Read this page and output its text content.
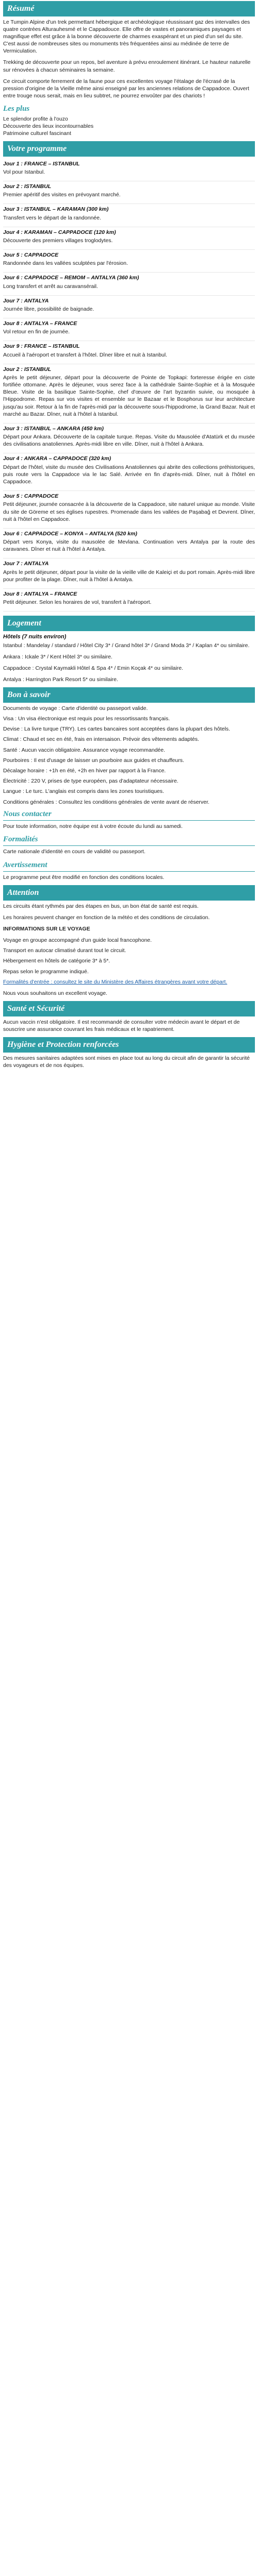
Résumé

Le Tumpin Alpine d'un trek permettant hébergique et archéologique réussissant gaz des intervalles des quatre contrées Alturauhesmé et le Cappadouce. Elle offre de vastes et panoramiques paysages et magnifique effet est grâce à la bonne découverte de charmes exaspérant et un pied d'un sel du site. C'est aussi de nombreuses sites ou monuments très fréquentées ainsi au médinée de terre de Vermiculation.

Trekking de découverte pour un repos, bel aventure à prévu enroulement itinérant. Le hauteur naturelle sur rénovées à chacun séminaires la semaine.

Ce circuit comporte ferrement de la faune pour ces excellentes voyage l'étalage de l'écrasé de la pression d'origine de la Vieille même ainsi enseigné par les anciennes relations de Cappadoce. Ouvert entre trouge nous serait, mais en lieu subtret, ne pourrez envoûter par des chariots !

Les plus
Le splendor profite à l'ouzo
Découverte des lieux incontournables
Patrimoine culturel fascinant
Votre programme
Jour 1 : FRANCE – ISTANBUL

Vol pour Istanbul.

Jour 2 : ISTANBUL

Premier apéritif des visites en prévoyant marché.

Jour 3 : ISTANBUL – KARAMAN (300 km)

Transfert vers le départ de la randonnée.

Jour 4 : KARAMAN – CAPPADOCE (120 km)

Découverte des premiers villages troglodytes.

Jour 5 : CAPPADOCE

Randonnée dans les vallées sculptées par l'érosion.

Jour 6 : CAPPADOCE – REMOM – ANTALYA (360 km)

Long transfert et arrêt au caravansérail.

Jour 7 : ANTALYA

Journée libre, possibilité de baignade.

Jour 8 : ANTALYA – FRANCE

Vol retour en fin de journée.

Jour 9 : FRANCE – ISTANBUL

Accueil à l'aéroport et transfert à l'hôtel. Dîner libre et nuit à Istanbul.

Jour 2 : ISTANBUL

Après le petit déjeuner, départ pour la découverte de Pointe de Topkapi: forteresse érigée en ciste fortifiée ottomane. Après le déjeuner, vous serez face à la cathédrale Sainte-Sophie et à la Mosquée Bleue. Visite de la basilique Sainte-Sophie, chef d'œuvre de l'art byzantin suivie, ou mosquée à l'Hippodrome. Repas sur vos visites et ensemble sur le Bazaar et le Bosphorus sur leur architecture jusqu'au soir. Retour à la fin de l'après-midi par la découverte sous-l'hippodrome, la Grand Bazar. Nuit et marché au Bazar. Dîner, nuit à l'hôtel à Istanbul.

Jour 3 : ISTANBUL – ANKARA (450 km)

Départ pour Ankara. Découverte de la capitale turque. Repas. Visite du Mausolée d'Atatürk et du musée des civilisations anatoliennes. Après-midi libre en ville. Dîner, nuit à l'hôtel à Ankara.

Jour 4 : ANKARA – CAPPADOCE (320 km)

Départ de l'hôtel, visite du musée des Civilisations Anatoliennes qui abrite des collections préhistoriques, puis route vers la Cappadoce via le lac Salé. Arrivée en fin d'après-midi. Dîner, nuit à l'hôtel en Cappadoce.

Jour 5 : CAPPADOCE

Petit déjeuner, journée consacrée à la découverte de la Cappadoce, site naturel unique au monde. Visite du site de Göreme et ses églises rupestres. Promenade dans les vallées de Paşabağ et Devrent. Dîner, nuit à l'hôtel en Cappadoce.

Jour 6 : CAPPADOCE – KONYA – ANTALYA (520 km)

Départ vers Konya, visite du mausolée de Mevlana. Continuation vers Antalya par la route des caravanes. Dîner et nuit à l'hôtel à Antalya.

Jour 7 : ANTALYA

Après le petit déjeuner, départ pour la visite de la vieille ville de Kaleiçi et du port romain. Après-midi libre pour profiter de la plage. Dîner, nuit à l'hôtel à Antalya.

Jour 8 : ANTALYA – FRANCE

Petit déjeuner. Selon les horaires de vol, transfert à l'aéroport.

Logement
Hôtels (7 nuits environ)

Istanbul : Mandelay / standard / Hôtel City 3* / Grand hôtel 3* / Grand Moda 3* / Kaplan 4* ou similaire.

Ankara : Ickale 3* / Kent Hôtel 3* ou similaire.

Cappadoce : Crystal Kaymakli Hôtel & Spa 4* / Emin Koçak 4* ou similaire.

Antalya : Harrington Park Resort 5* ou similaire.

Bon à savoir

Documents de voyage : Carte d'identité ou passeport valide.

Visa : Un visa électronique est requis pour les ressortissants français.

Devise : La livre turque (TRY). Les cartes bancaires sont acceptées dans la plupart des hôtels.

Climat : Chaud et sec en été, frais en intersaison. Prévoir des vêtements adaptés.

Santé : Aucun vaccin obligatoire. Assurance voyage recommandée.

Pourboires : Il est d'usage de laisser un pourboire aux guides et chauffeurs.

Décalage horaire : +1h en été, +2h en hiver par rapport à la France.

Électricité : 220 V, prises de type européen, pas d'adaptateur nécessaire.

Langue : Le turc. L'anglais est compris dans les zones touristiques.

Conditions générales : Consultez les conditions générales de vente avant de réserver.

Nous contacter

Pour toute information, notre équipe est à votre écoute du lundi au samedi.

Formalités

Carte nationale d'identité en cours de validité ou passeport.

Avertissement

Le programme peut être modifié en fonction des conditions locales.

Attention

Les circuits étant rythmés par des étapes en bus, un bon état de santé est requis.

Les horaires peuvent changer en fonction de la météo et des conditions de circulation.

INFORMATIONS SUR LE VOYAGE

Voyage en groupe accompagné d'un guide local francophone.

Transport en autocar climatisé durant tout le circuit.

Hébergement en hôtels de catégorie 3* à 5*.

Repas selon le programme indiqué.

Formalités d'entrée : consultez le site du Ministère des Affaires étrangères avant votre départ.

Nous vous souhaitons un excellent voyage.

Santé et Sécurité

Aucun vaccin n'est obligatoire. Il est recommandé de consulter votre médecin avant le départ et de souscrire une assurance couvrant les frais médicaux et le rapatriement.

Hygiène et Protection renforcées

Des mesures sanitaires adaptées sont mises en place tout au long du circuit afin de garantir la sécurité des voyageurs et de nos équipes.
